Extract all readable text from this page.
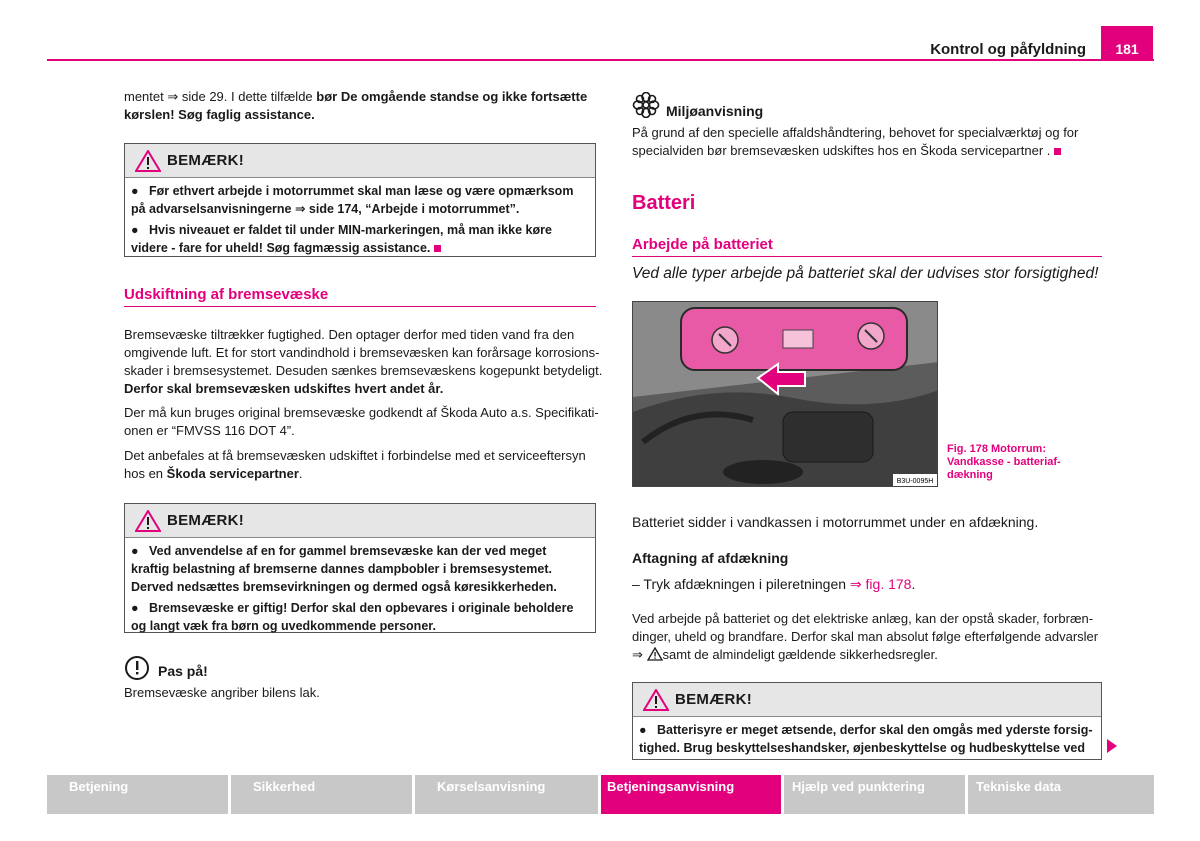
Kontrol og påfyldning	181
mentet ⇒ side 29. I dette tilfælde bør De omgående standse og ikke fortsætte
kørslen! Søg faglig assistance.
BEMÆRK!
● Før ethvert arbejde i motorrummet skal man læse og være opmærksom
på advarselsanvisningerne ⇒ side 174, “Arbejde i motorrummet”.
● Hvis niveauet er faldet til under MIN-markeringen, må man ikke køre
videre - fare for uheld! Søg fagmæssig assistance.
Udskiftning af bremsevæske
Bremsevæske tiltrækker fugtighed. Den optager derfor med tiden vand fra den
omgivende luft. Et for stort vandindhold i bremsevæsken kan forårsage korrosions-
skader i bremsesystemet. Desuden sænkes bremsevæskens kogepunkt betydeligt.
Derfor skal bremsevæsken udskiftes hvert andet år.
Der må kun bruges original bremsevæske godkendt af Škoda Auto a.s. Specifikati-
onen er “FMVSS 116 DOT 4”.
Det anbefales at få bremsevæsken udskiftet i forbindelse med et serviceeftersyn
hos en Škoda servicepartner.
BEMÆRK!
● Ved anvendelse af en for gammel bremsevæske kan der ved meget
kraftig belastning af bremserne dannes dampbobler i bremsesystemet.
Derved nedsættes bremsevirkningen og dermed også køresikkerheden.
● Bremsevæske er giftig! Derfor skal den opbevares i originale beholdere
og langt væk fra børn og uvedkommende personer.
Pas på!
Bremsevæske angriber bilens lak.
Miljøanvisning
På grund af den specielle affaldshåndtering, behovet for specialværktøj og for
specialviden bør bremsevæsken udskiftes hos en Škoda servicepartner .
Batteri
Arbejde på batteriet
Ved alle typer arbejde på batteriet skal der udvises stor forsigtighed!
B3U-0095H
Fig. 178 Motorrum:
Vandkasse - batteriaf-
dækning
Batteriet sidder i vandkassen i motorrummet under en afdækning.
Aftagning af afdækning
– Tryk afdækningen i pileretningen ⇒ fig. 178.
Ved arbejde på batteriet og det elektriske anlæg, kan der opstå skader, forbræn-
dinger, uheld og brandfare. Derfor skal man absolut følge efterfølgende advarsler
⇒ samt de almindeligt gældende sikkerhedsregler.
BEMÆRK!
● Batterisyre er meget ætsende, derfor skal den omgås med yderste forsig-
tighed. Brug beskyttelseshandsker, øjenbeskyttelse og hudbeskyttelse ved
Betjening	Sikkerhed	Kørselsanvisning	Betjeningsanvisning	Hjælp ved punktering	Tekniske data
